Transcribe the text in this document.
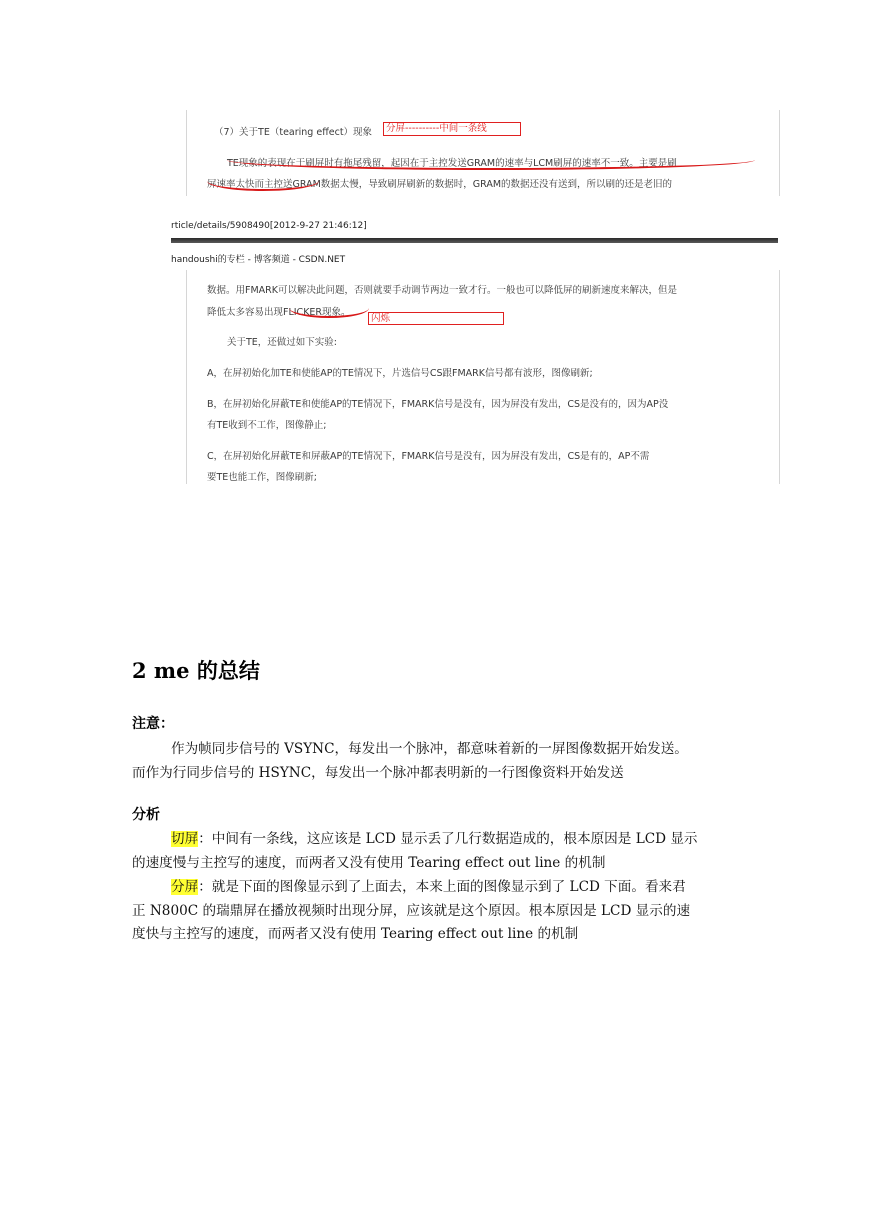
（7）关于TE（tearing effect）现象	分屏----------中间一条线
TE现象的表现在于刷屏时有拖尾残留，起因在于主控发送GRAM的速率与LCM刷屏的速率不一致。主要是刷
屏速率太快而主控送GRAM数据太慢，导致刷屏刷新的数据时，GRAM的数据还没有送到，所以刷的还是老旧的
rticle/details/5908490[2012-9-27 21:46:12]
handoushi的专栏 - 博客频道 - CSDN.NET
数据。用FMARK可以解决此问题，否则就要手动调节两边一致才行。一般也可以降低屏的刷新速度来解决，但是
降低太多容易出现FLICKER现象。
闪烁
关于TE，还做过如下实验:
A，在屏初始化加TE和使能AP的TE情况下，片选信号CS跟FMARK信号都有波形，图像刷新;
B，在屏初始化屏蔽TE和使能AP的TE情况下，FMARK信号是没有，因为屏没有发出，CS是没有的，因为AP没
有TE收到不工作，图像静止;
C，在屏初始化屏蔽TE和屏蔽AP的TE情况下，FMARK信号是没有，因为屏没有发出，CS是有的，AP不需
要TE也能工作，图像刷新;
2 me 的总结
注意：
作为帧同步信号的 VSYNC，每发出一个脉冲，都意味着新的一屏图像数据开始发送。
而作为行同步信号的 HSYNC，每发出一个脉冲都表明新的一行图像资料开始发送
分析
切屏：中间有一条线，这应该是 LCD 显示丢了几行数据造成的，根本原因是 LCD 显示
的速度慢与主控写的速度，而两者又没有使用 Tearing effect out line 的机制
分屏：就是下面的图像显示到了上面去，本来上面的图像显示到了 LCD 下面。看来君
正 N800C 的瑞鼎屏在播放视频时出现分屏，应该就是这个原因。根本原因是 LCD 显示的速
度快与主控写的速度，而两者又没有使用 Tearing effect out line 的机制
